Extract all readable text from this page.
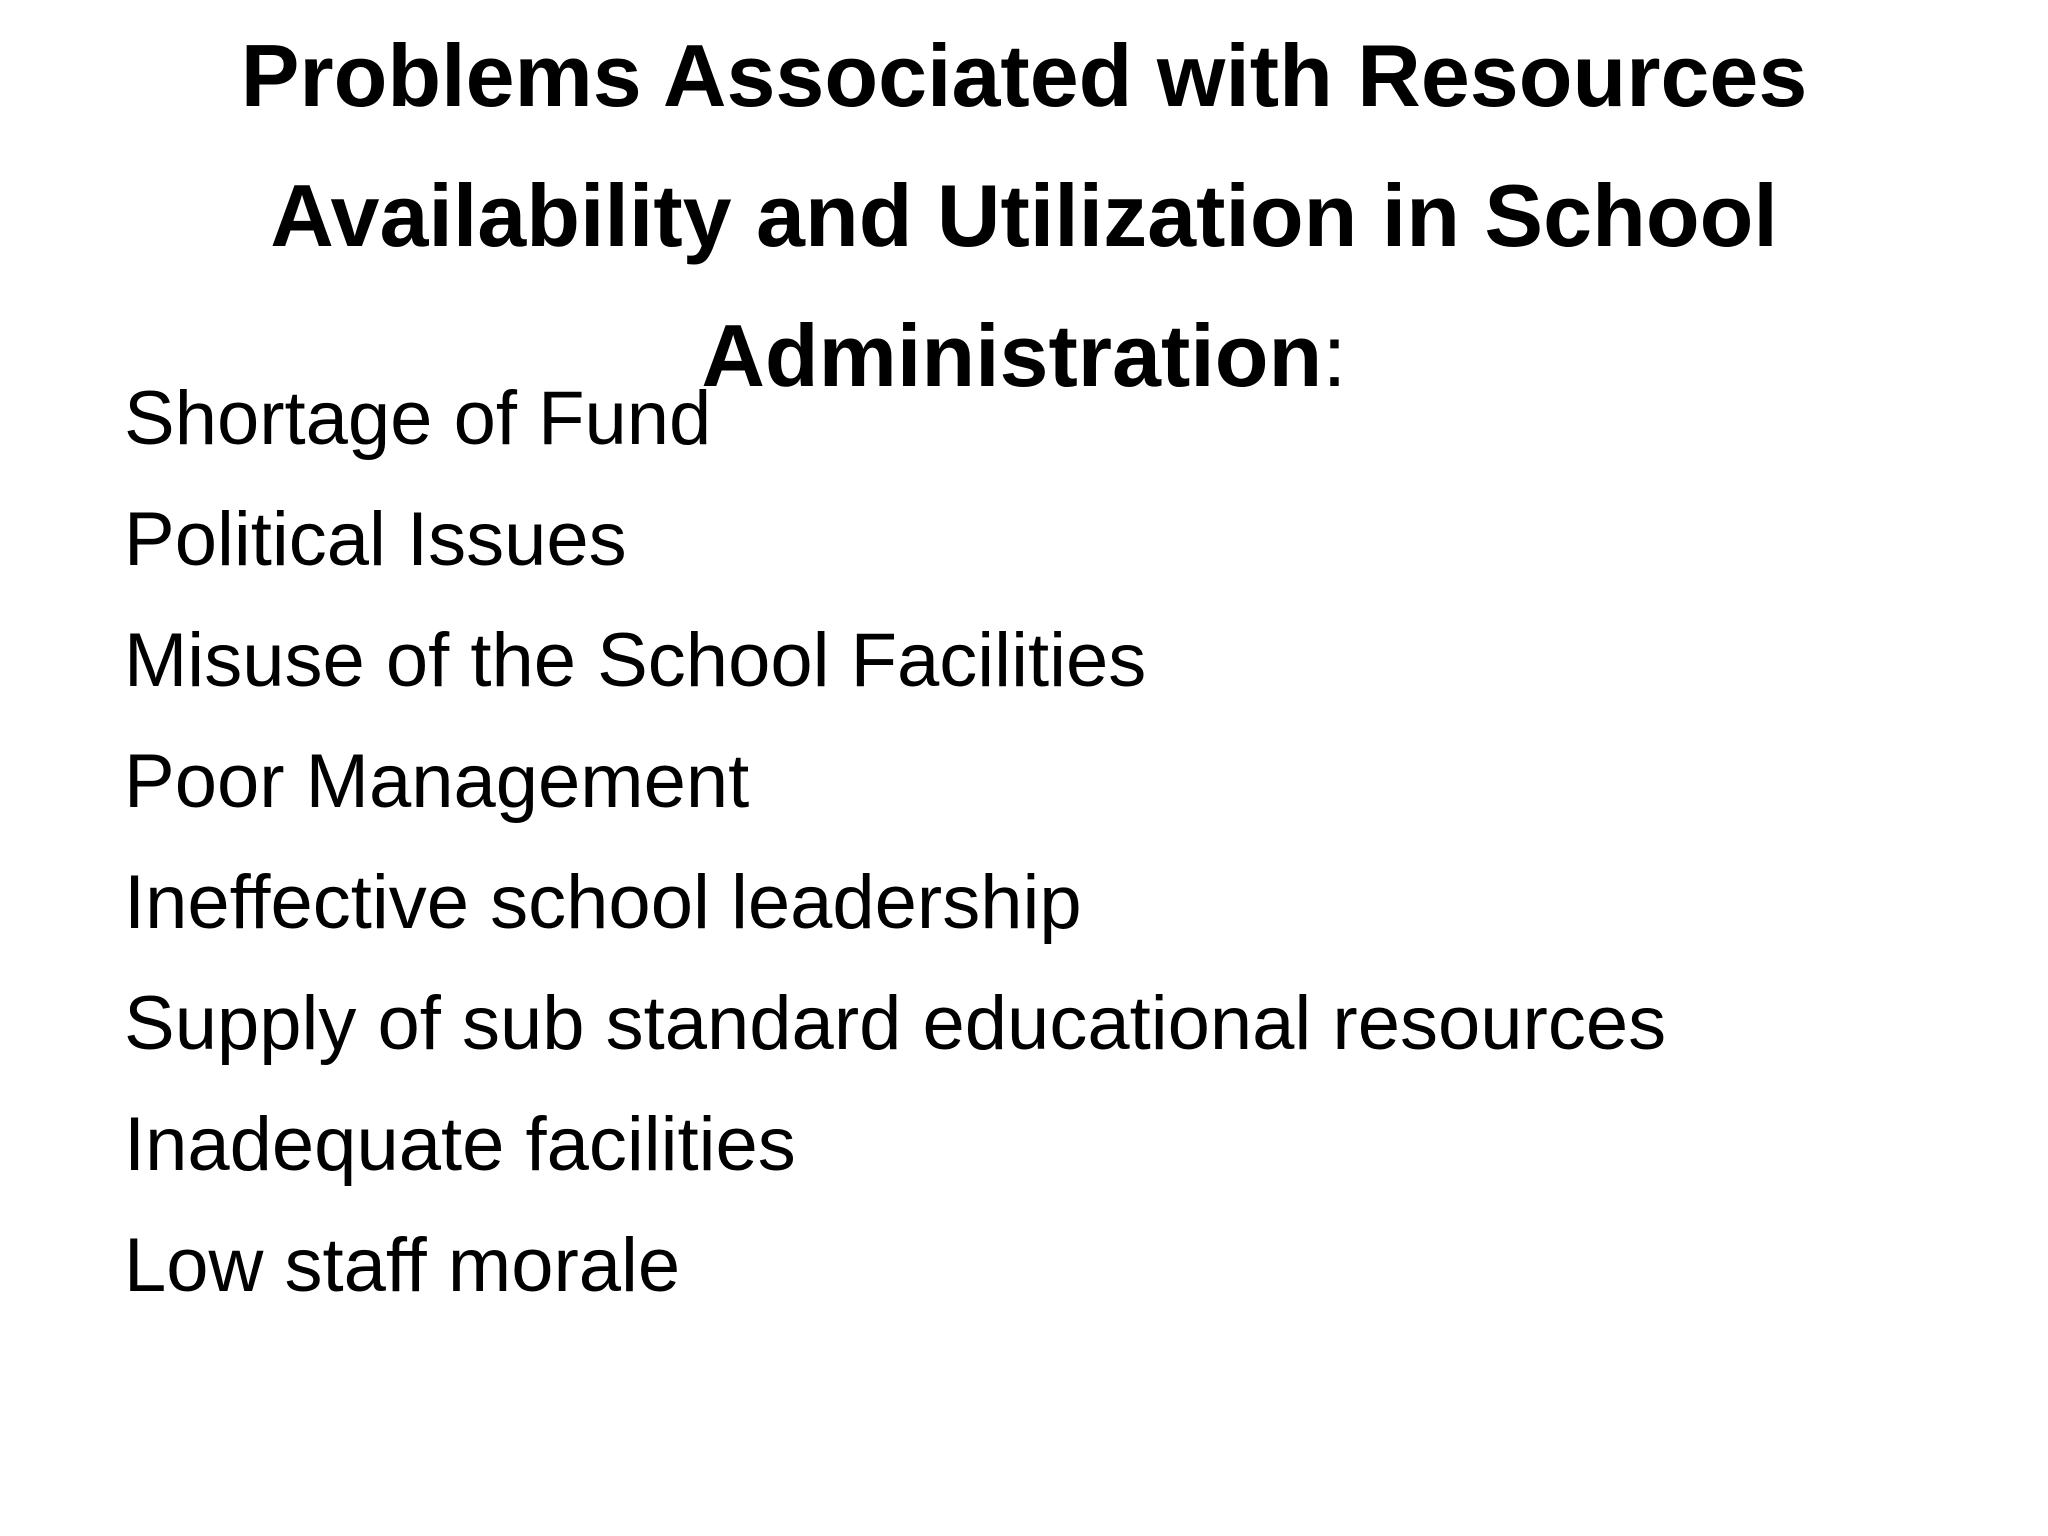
Problems Associated with Resources Availability and Utilization in School Administration:
Shortage of Fund
Political Issues
Misuse of the School Facilities
Poor Management
Ineffective school leadership
Supply of sub standard educational resources
Inadequate facilities
Low staff morale
